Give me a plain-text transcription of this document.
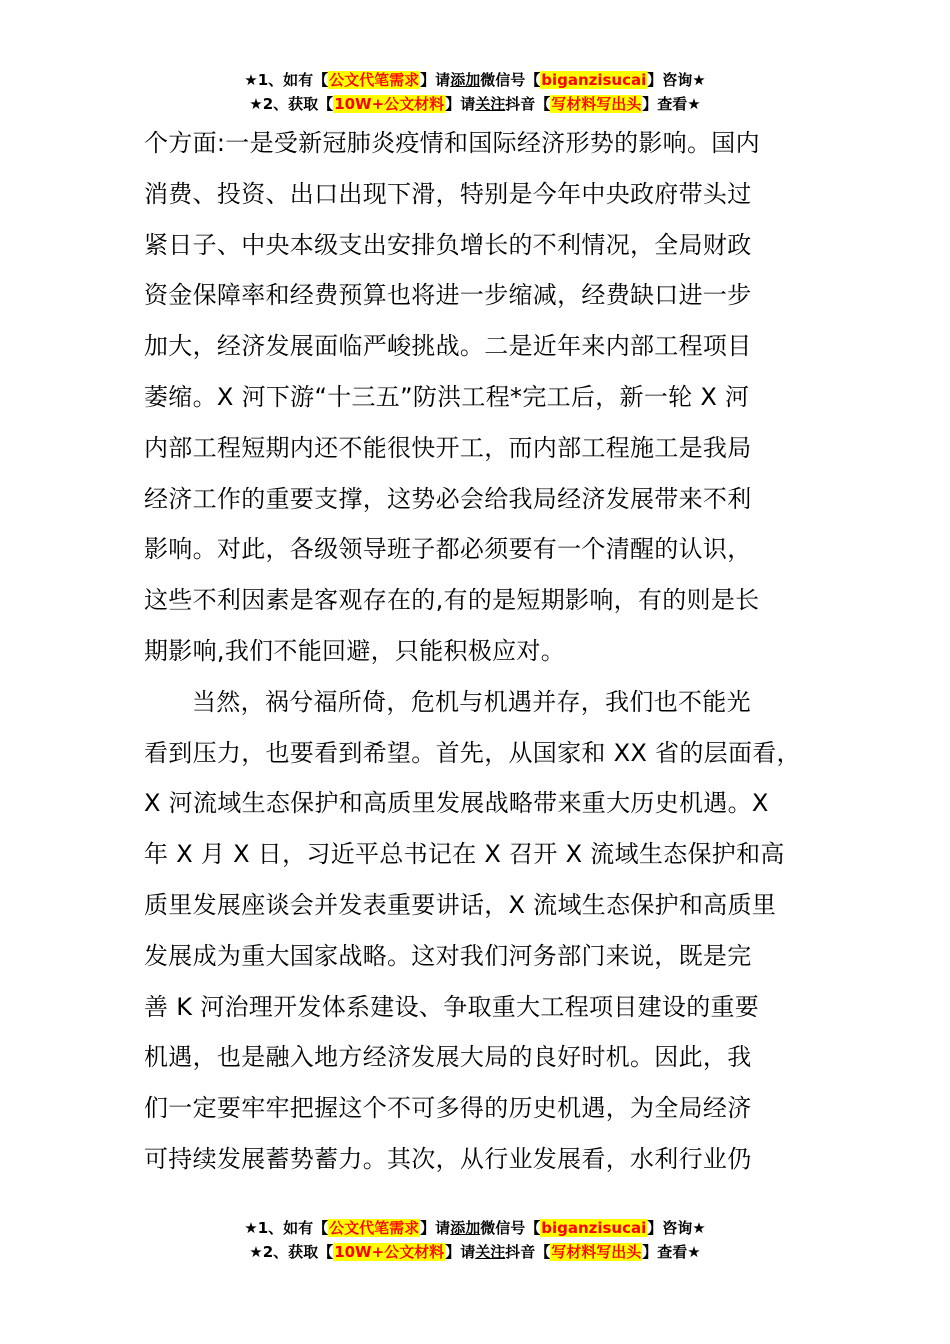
★1、如有【公文代笔需求】请添加微信号【biganzisucai】咨询★
★2、获取【10W+公文材料】请关注抖音【写材料写出头】查看★
个方面:一是受新冠肺炎疫情和国际经济形势的影响。国内
消费、投资、出口出现下滑，特别是今年中央政府带头过
紧日子、中央本级支出安排负增长的不利情况，全局财政
资金保障率和经费预算也将进一步缩减，经费缺口进一步
加大，经济发展面临严峻挑战。二是近年来内部工程项目
萎缩。X 河下游“十三五”防洪工程*完工后，新一轮 X 河
内部工程短期内还不能很快开工，而内部工程施工是我局
经济工作的重要支撑，这势必会给我局经济发展带来不利
影响。对此，各级领导班子都必须要有一个清醒的认识，
这些不利因素是客观存在的,有的是短期影响，有的则是长
期影响,我们不能回避，只能积极应对。
当然，祸兮福所倚，危机与机遇并存，我们也不能光
看到压力，也要看到希望。首先，从国家和 XX 省的层面看，
X 河流域生态保护和高质里发展战略带来重大历史机遇。X
年 X 月 X 日，习近平总书记在 X 召开 X 流域生态保护和高
质里发展座谈会并发表重要讲话，X 流域生态保护和高质里
发展成为重大国家战略。这对我们河务部门来说，既是完
善 K 河治理开发体系建设、争取重大工程项目建设的重要
机遇，也是融入地方经济发展大局的良好时机。因此，我
们一定要牢牢把握这个不可多得的历史机遇，为全局经济
可持续发展蓄势蓄力。其次，从行业发展看，水利行业仍
★1、如有【公文代笔需求】请添加微信号【biganzisucai】咨询★
★2、获取【10W+公文材料】请关注抖音【写材料写出头】查看★
